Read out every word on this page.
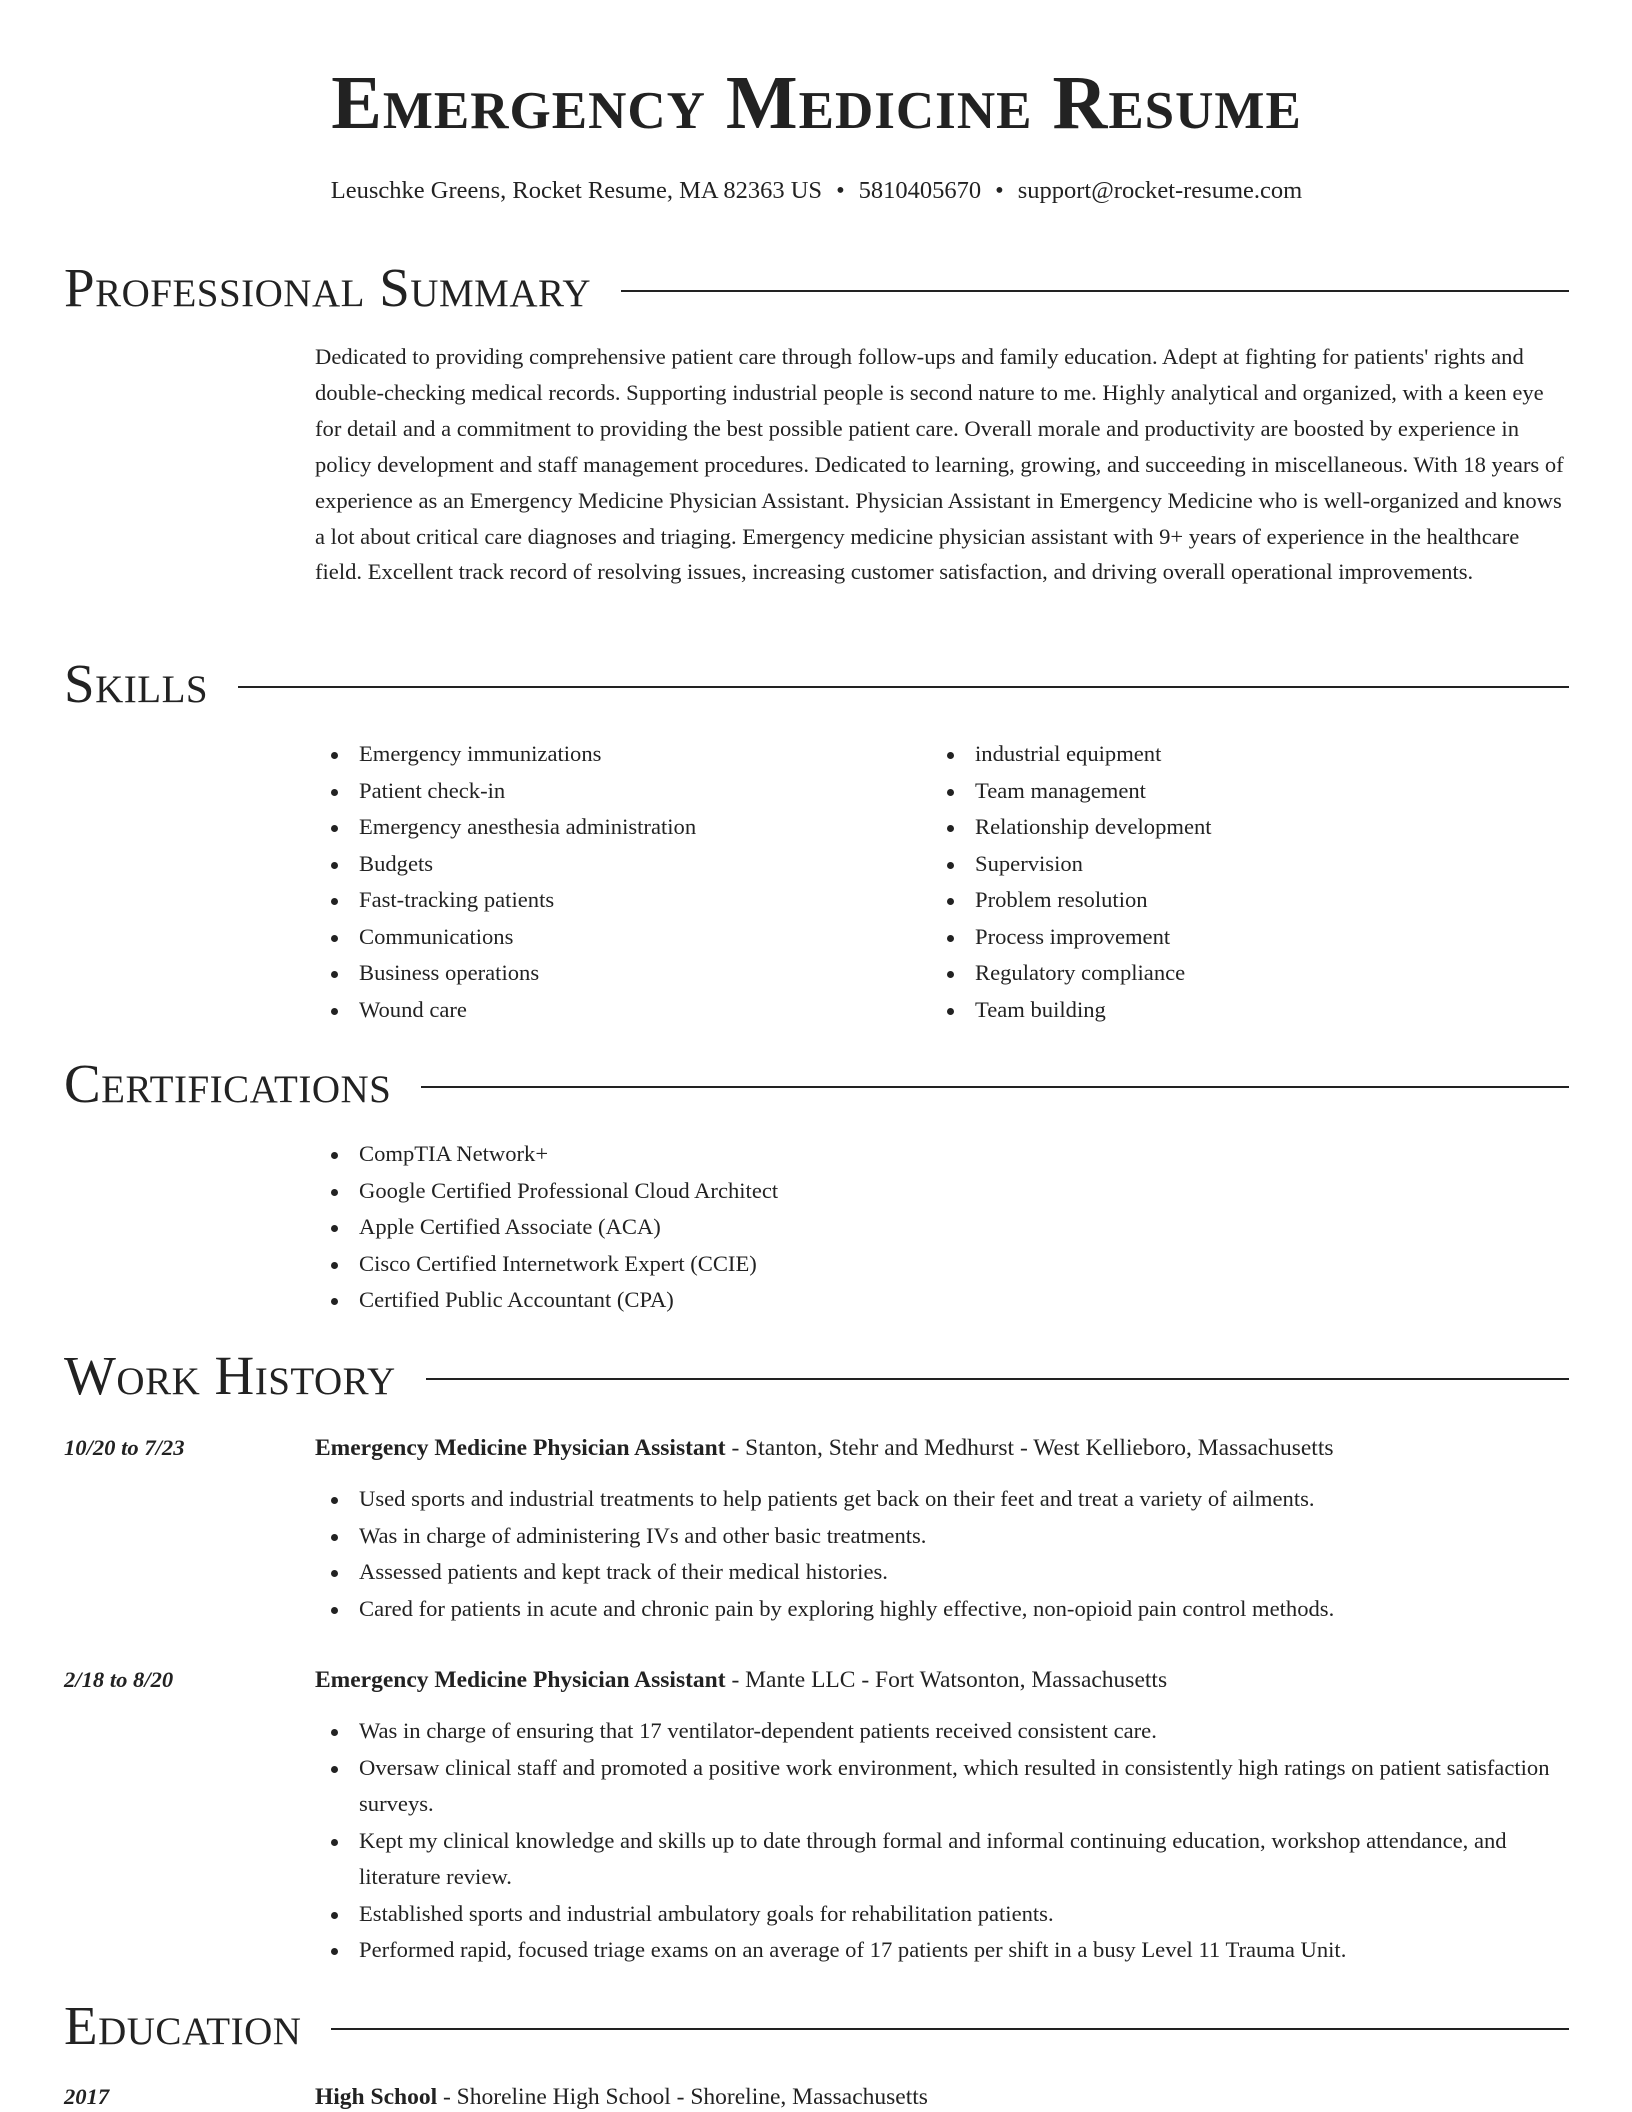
Emergency Medicine Resume
Leuschke Greens, Rocket Resume, MA 82363 US • 5810405670 • support@rocket-resume.com
Professional Summary

Dedicated to providing comprehensive patient care through follow-ups and family education. Adept at fighting for patients' rights and double-checking medical records. Supporting industrial people is second nature to me. Highly analytical and organized, with a keen eye for detail and a commitment to providing the best possible patient care. Overall morale and productivity are boosted by experience in policy development and staff management procedures. Dedicated to learning, growing, and succeeding in miscellaneous. With 18 years of experience as an Emergency Medicine Physician Assistant. Physician Assistant in Emergency Medicine who is well-organized and knows a lot about critical care diagnoses and triaging. Emergency medicine physician assistant with 9+ years of experience in the healthcare field. Excellent track record of resolving issues, increasing customer satisfaction, and driving overall operational improvements.

Skills
Emergency immunizations
Patient check-in
Emergency anesthesia administration
Budgets
Fast-tracking patients
Communications
Business operations
Wound care
industrial equipment
Team management
Relationship development
Supervision
Problem resolution
Process improvement
Regulatory compliance
Team building
Certifications
CompTIA Network+
Google Certified Professional Cloud Architect
Apple Certified Associate (ACA)
Cisco Certified Internetwork Expert (CCIE)
Certified Public Accountant (CPA)
Work History
10/20 to 7/23	Emergency Medicine Physician Assistant - Stanton, Stehr and Medhurst - West Kellieboro, Massachusetts
Used sports and industrial treatments to help patients get back on their feet and treat a variety of ailments.
Was in charge of administering IVs and other basic treatments.
Assessed patients and kept track of their medical histories.
Cared for patients in acute and chronic pain by exploring highly effective, non-opioid pain control methods.
2/18 to 8/20	Emergency Medicine Physician Assistant - Mante LLC - Fort Watsonton, Massachusetts
Was in charge of ensuring that 17 ventilator-dependent patients received consistent care.
Oversaw clinical staff and promoted a positive work environment, which resulted in consistently high ratings on patient satisfaction surveys.
Kept my clinical knowledge and skills up to date through formal and informal continuing education, workshop attendance, and literature review.
Established sports and industrial ambulatory goals for rehabilitation patients.
Performed rapid, focused triage exams on an average of 17 patients per shift in a busy Level 11 Trauma Unit.
Education
2017	High School - Shoreline High School - Shoreline, Massachusetts
